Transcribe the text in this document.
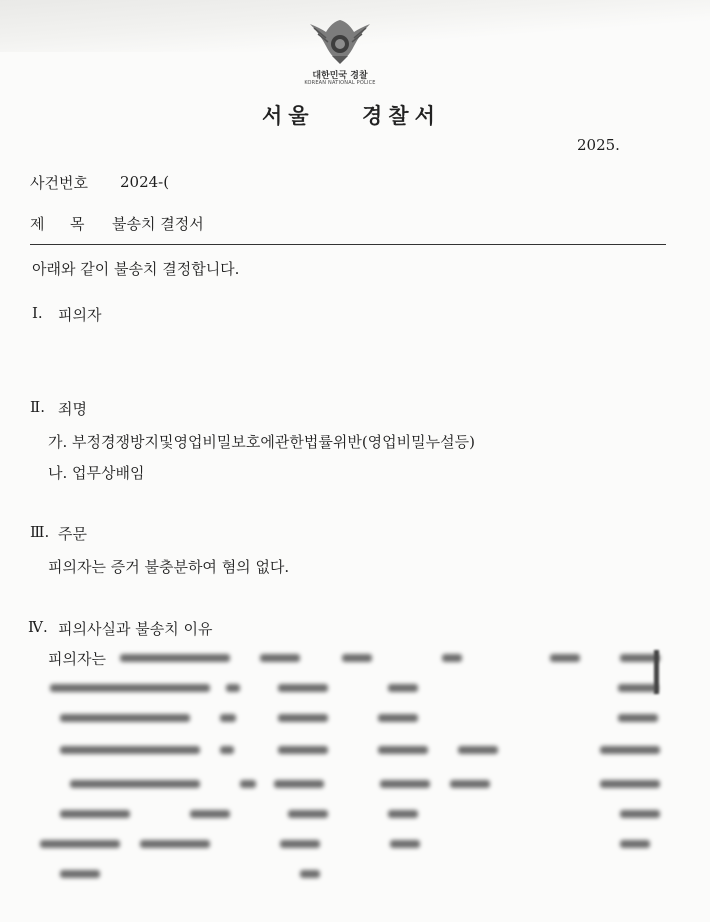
대한민국 경찰
KOREAN NATIONAL POLICE
서울 경찰서
2025.
사건번호 2024-(
제 목 불송치 결정서
아래와 같이 불송치 결정합니다.
Ⅰ. 피의자
Ⅱ. 죄명
가. 부정경쟁방지및영업비밀보호에관한법률위반(영업비밀누설등)
나. 업무상배임
Ⅲ. 주문
피의자는 증거 불충분하여 혐의 없다.
Ⅳ. 피의사실과 불송치 이유
피의자는
